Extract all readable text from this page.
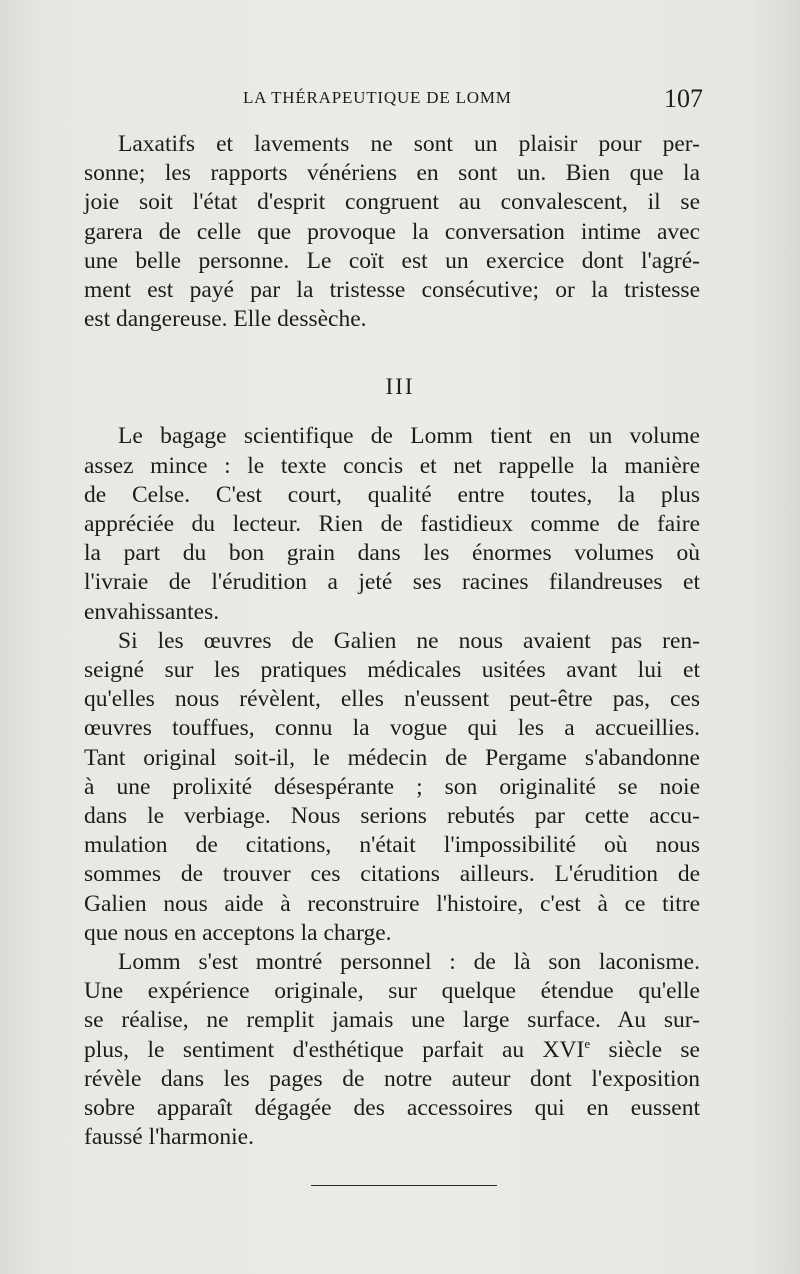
LA THÉRAPEUTIQUE DE LOMM	107
Laxatifs et lavements ne sont un plaisir pour per-
sonne; les rapports vénériens en sont un. Bien que la
joie soit l'état d'esprit congruent au convalescent, il se
garera de celle que provoque la conversation intime avec
une belle personne. Le coït est un exercice dont l'agré-
ment est payé par la tristesse consécutive; or la tristesse
est dangereuse. Elle dessèche.
Le bagage scientifique de Lomm tient en un volume
assez mince : le texte concis et net rappelle la manière
de Celse. C'est court, qualité entre toutes, la plus
appréciée du lecteur. Rien de fastidieux comme de faire
la part du bon grain dans les énormes volumes où
l'ivraie de l'érudition a jeté ses racines filandreuses et
envahissantes.
Si les œuvres de Galien ne nous avaient pas ren-
seigné sur les pratiques médicales usitées avant lui et
qu'elles nous révèlent, elles n'eussent peut-être pas, ces
œuvres touffues, connu la vogue qui les a accueillies.
Tant original soit-il, le médecin de Pergame s'abandonne
à une prolixité désespérante ; son originalité se noie
dans le verbiage. Nous serions rebutés par cette accu-
mulation de citations, n'était l'impossibilité où nous
sommes de trouver ces citations ailleurs. L'érudition de
Galien nous aide à reconstruire l'histoire, c'est à ce titre
que nous en acceptons la charge.
Lomm s'est montré personnel : de là son laconisme.
Une expérience originale, sur quelque étendue qu'elle
se réalise, ne remplit jamais une large surface. Au sur-
plus, le sentiment d'esthétique parfait au XVIe siècle se
révèle dans les pages de notre auteur dont l'exposition
sobre apparaît dégagée des accessoires qui en eussent
faussé l'harmonie.
III
